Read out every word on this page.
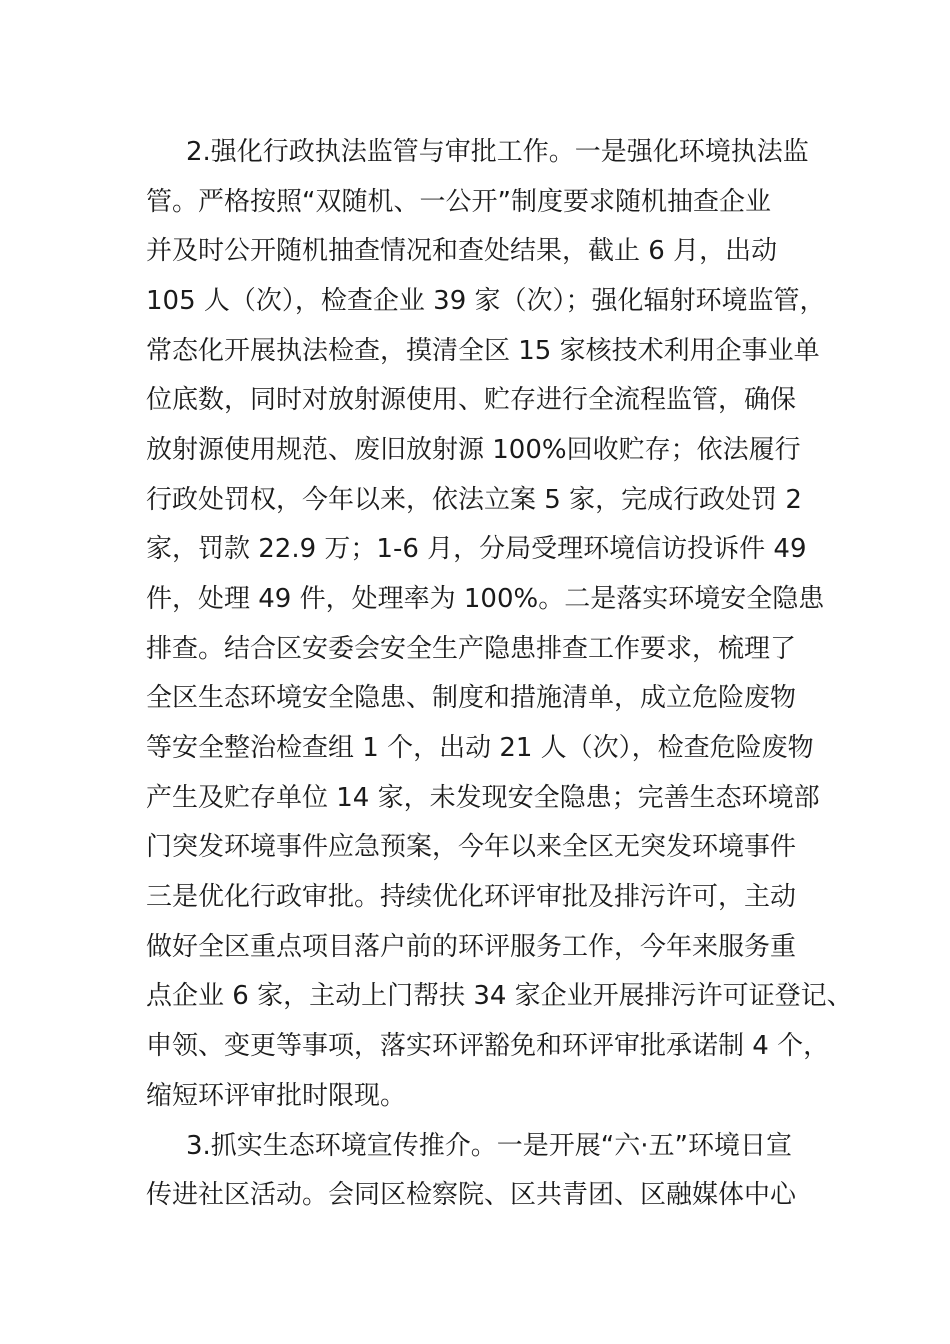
2.强化行政执法监管与审批工作。一是强化环境执法监
管。严格按照“双随机、一公开”制度要求随机抽查企业
并及时公开随机抽查情况和查处结果，截止 6 月，出动
105 人（次），检查企业 39 家（次）；强化辐射环境监管，
常态化开展执法检查，摸清全区 15 家核技术利用企事业单
位底数，同时对放射源使用、贮存进行全流程监管，确保
放射源使用规范、废旧放射源 100%回收贮存；依法履行
行政处罚权，今年以来，依法立案 5 家，完成行政处罚 2
家，罚款 22.9 万；1-6 月，分局受理环境信访投诉件 49
件，处理 49 件，处理率为 100%。二是落实环境安全隐患
排查。结合区安委会安全生产隐患排查工作要求，梳理了
全区生态环境安全隐患、制度和措施清单，成立危险废物
等安全整治检查组 1 个，出动 21 人（次），检查危险废物
产生及贮存单位 14 家，未发现安全隐患；完善生态环境部
门突发环境事件应急预案，今年以来全区无突发环境事件
三是优化行政审批。持续优化环评审批及排污许可，主动
做好全区重点项目落户前的环评服务工作，今年来服务重
点企业 6 家，主动上门帮扶 34 家企业开展排污许可证登记、
申领、变更等事项，落实环评豁免和环评审批承诺制 4 个，
缩短环评审批时限现。
3.抓实生态环境宣传推介。一是开展“六·五”环境日宣
传进社区活动。会同区检察院、区共青团、区融媒体中心
